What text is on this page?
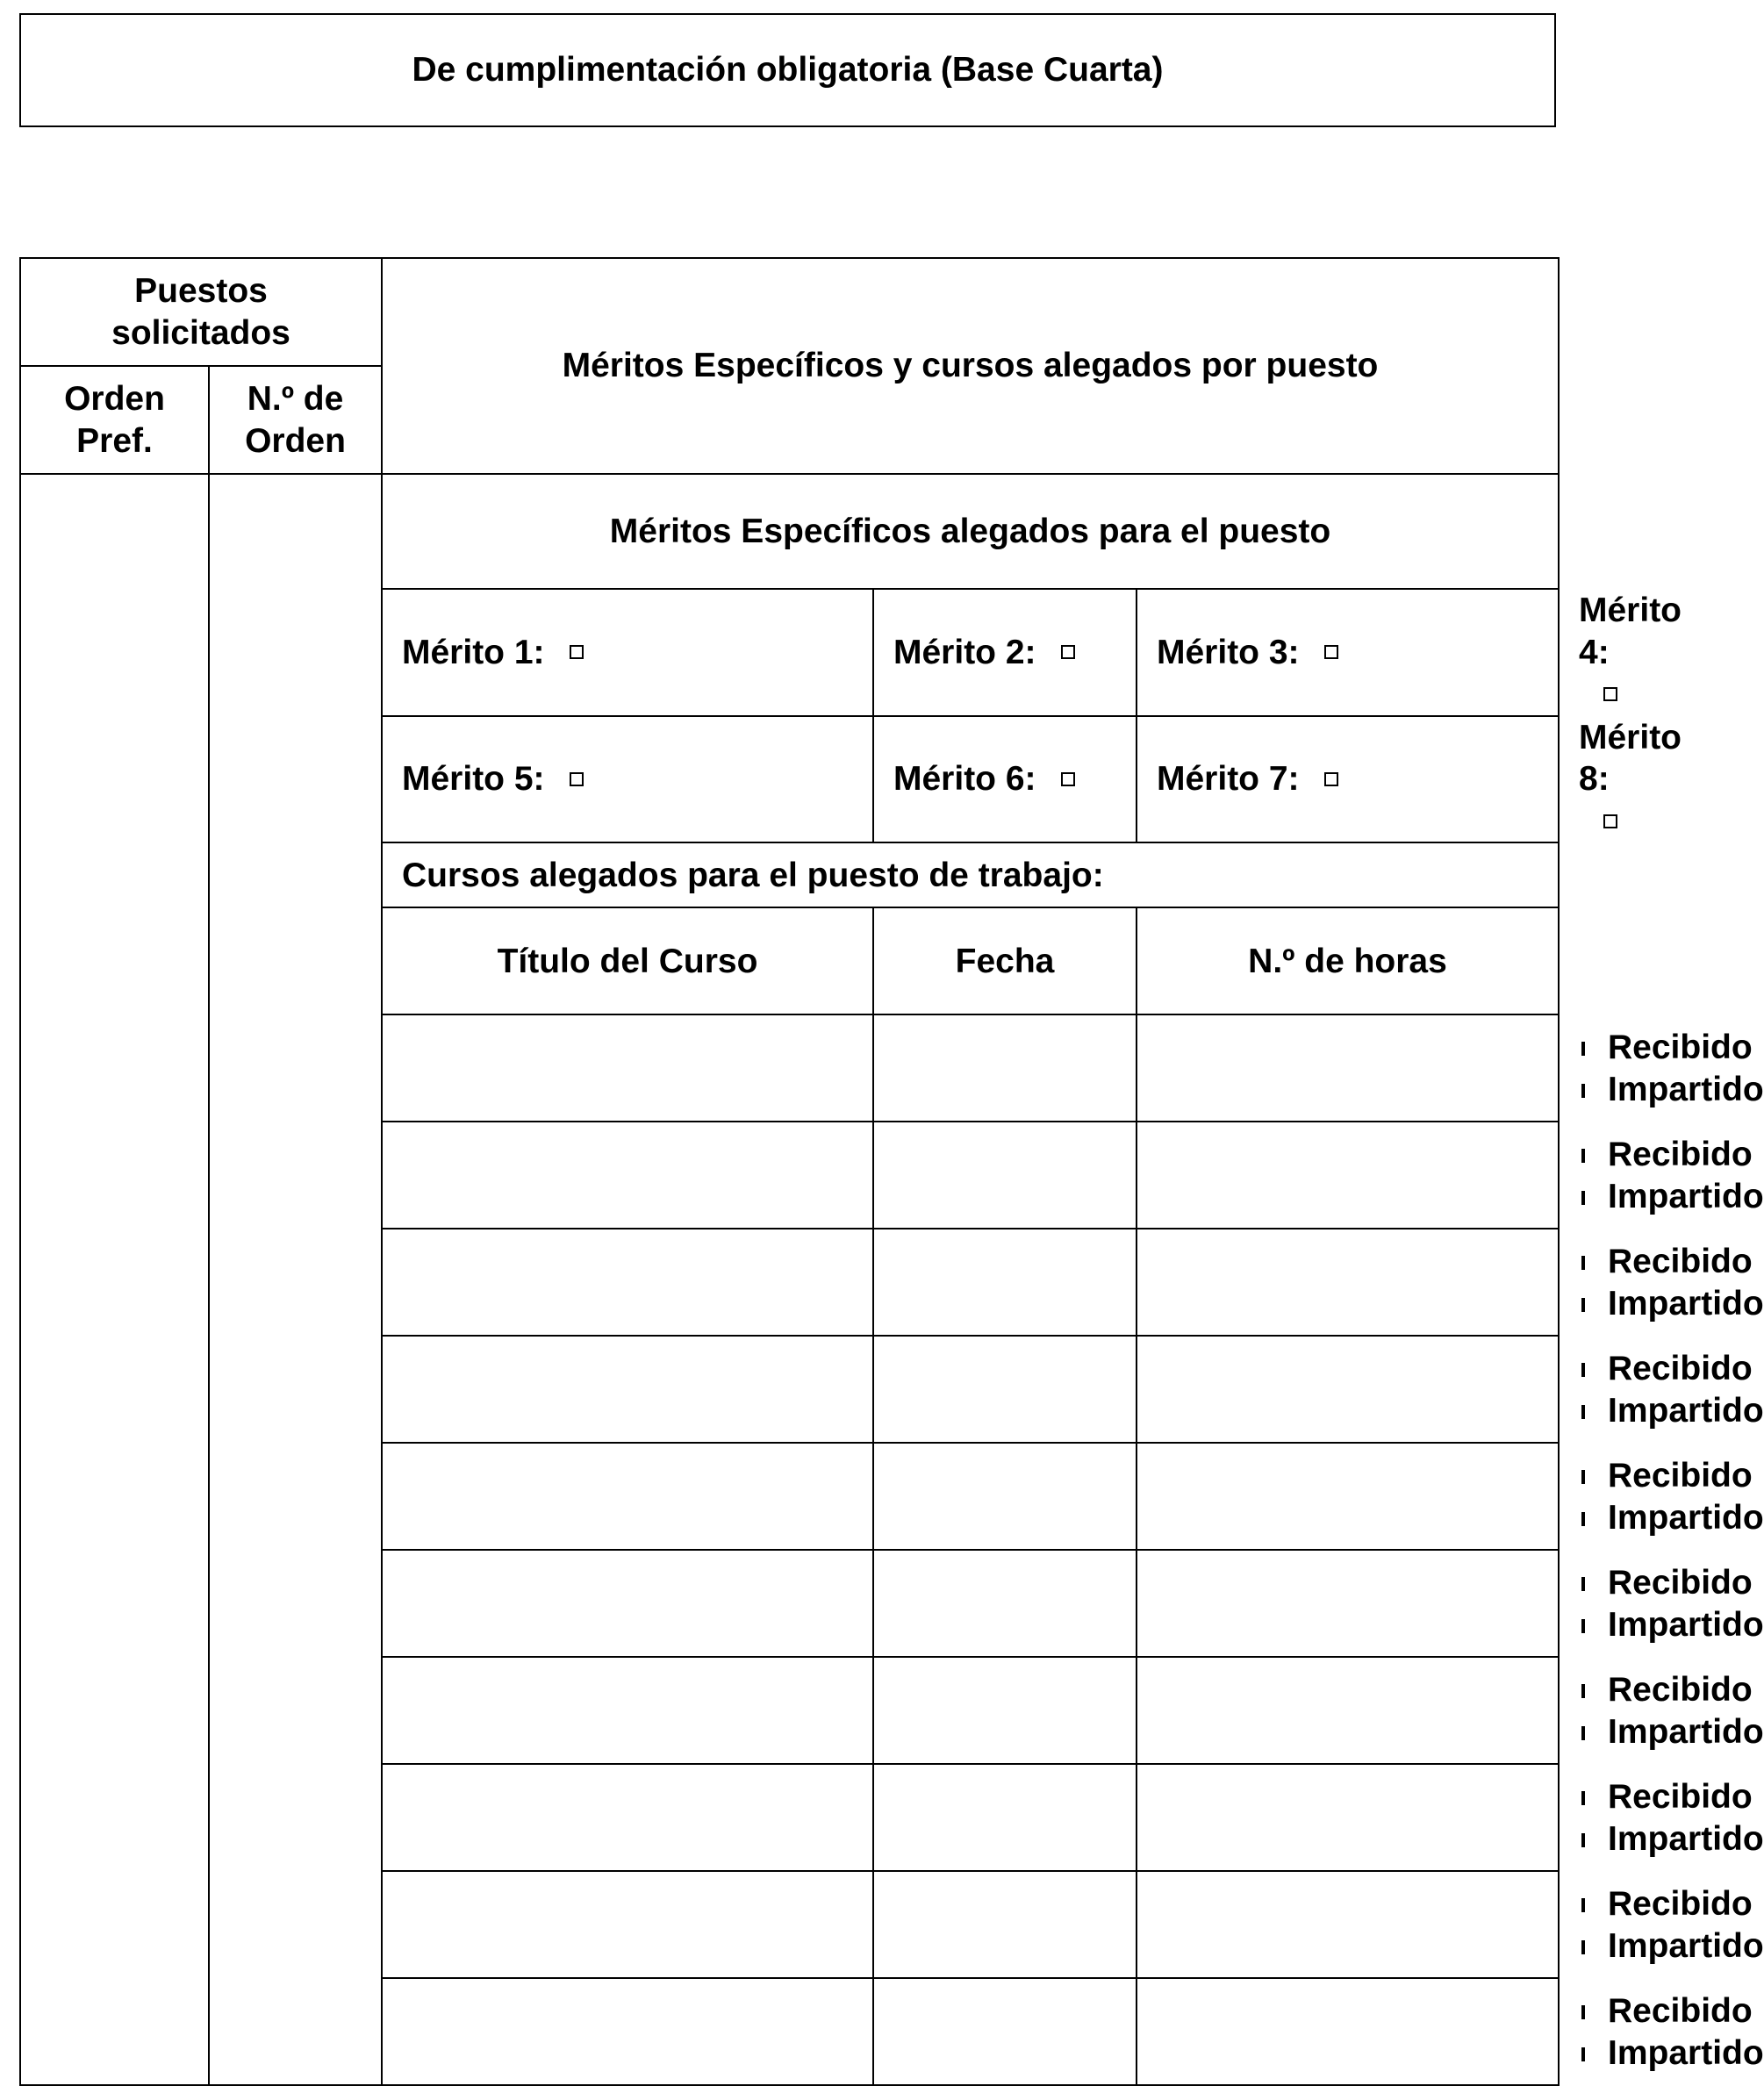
De cumplimentación obligatoria (Base Cuarta)
Puestos solicitados		Méritos Específicos y cursos alegados por puesto			
Orden Pref.	N.º de Orden				
		Méritos Específicos alegados para el puesto			
		Mérito 1:	Mérito 2:	Mérito 3:	Mérito 4:
		Mérito 5:	Mérito 6:	Mérito 7:	Mérito 8:
		Cursos alegados para el puesto de trabajo:			
		Título del Curso	Fecha	N.º de horas	

					Recibido
Impartido

					Recibido
Impartido

					Recibido
Impartido

					Recibido
Impartido

					Recibido
Impartido

					Recibido
Impartido

					Recibido
Impartido

					Recibido
Impartido

					Recibido
Impartido

					Recibido
Impartido
